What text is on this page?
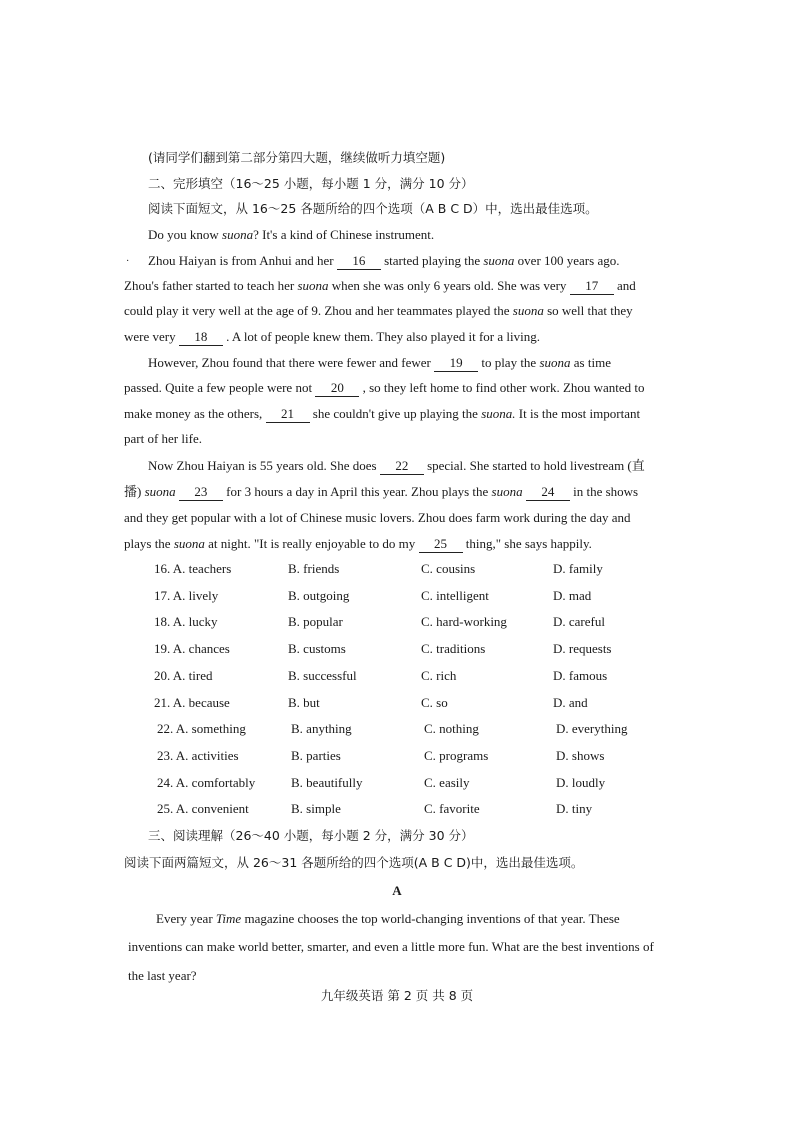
(请同学们翻到第二部分第四大题，继续做听力填空题)
二、完形填空（16～25 小题，每小题 1 分，满分 10 分）
阅读下面短文，从 16～25 各题所给的四个选项（A B C D）中，选出最佳选项。
Do you know suona? It's a kind of Chinese instrument.
· Zhou Haiyan is from Anhui and her 16 started playing the suona over 100 years ago.
Zhou's father started to teach her suona when she was only 6 years old. She was very 17 and
could play it very well at the age of 9. Zhou and her teammates played the suona so well that they
were very 18 . A lot of people knew them. They also played it for a living.
However, Zhou found that there were fewer and fewer 19 to play the suona as time
passed. Quite a few people were not 20 , so they left home to find other work. Zhou wanted to
make money as the others, 21 she couldn't give up playing the suona. It is the most important
part of her life.
Now Zhou Haiyan is 55 years old. She does 22 special. She started to hold livestream (直
播) suona 23 for 3 hours a day in April this year. Zhou plays the suona 24 in the shows
and they get popular with a lot of Chinese music lovers. Zhou does farm work during the day and
plays the suona at night. "It is really enjoyable to do my 25 thing," she says happily.
16. A. teachers	B. friends	C. cousins	D. family
17. A. lively	B. outgoing	C. intelligent	D. mad
18. A. lucky	B. popular	C. hard-working	D. careful
19. A. chances	B. customs	C. traditions	D. requests
20. A. tired	B. successful	C. rich	D. famous
21. A. because	B. but	C. so	D. and
22. A. something	B. anything	C. nothing	D. everything
23. A. activities	B. parties	C. programs	D. shows
24. A. comfortably	B. beautifully	C. easily	D. loudly
25. A. convenient	B. simple	C. favorite	D. tiny
三、阅读理解（26～40 小题，每小题 2 分，满分 30 分）
阅读下面两篇短文，从 26～31 各题所给的四个选项(A B C D)中，选出最佳选项。
A
Every year Time magazine chooses the top world-changing inventions of that year. These
inventions can make world better, smarter, and even a little more fun. What are the best inventions of
the last year?
九年级英语 第 2 页 共 8 页
